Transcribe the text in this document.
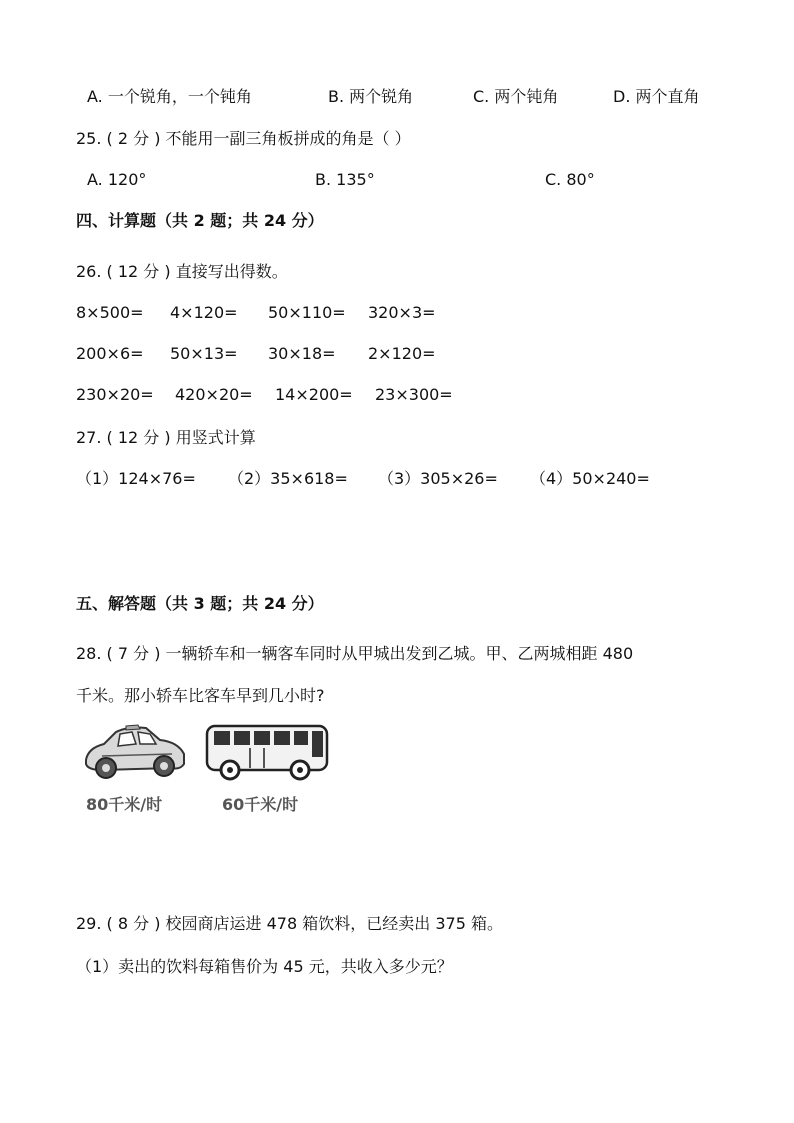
A. 一个锐角，一个钝角	B. 两个锐角	C. 两个钝角	D. 两个直角
25. ( 2 分 ) 不能用一副三角板拼成的角是（ ）
A. 120°	B. 135°	C. 80°
四、计算题（共 2 题；共 24 分）
26. ( 12 分 ) 直接写出得数。
8×500= 4×120= 50×110= 320×3=
200×6= 50×13= 30×18= 2×120=
230×20= 420×20= 14×200= 23×300=
27. ( 12 分 ) 用竖式计算
（1）124×76= （2）35×618= （3）305×26= （4）50×240=
五、解答题（共 3 题；共 24 分）
28. ( 7 分 ) 一辆轿车和一辆客车同时从甲城出发到乙城。甲、乙两城相距 480
千米。那小轿车比客车早到几小时?
80千米/时	60千米/时
29. ( 8 分 ) 校园商店运进 478 箱饮料，已经卖出 375 箱。
（1）卖出的饮料每箱售价为 45 元，共收入多少元？
